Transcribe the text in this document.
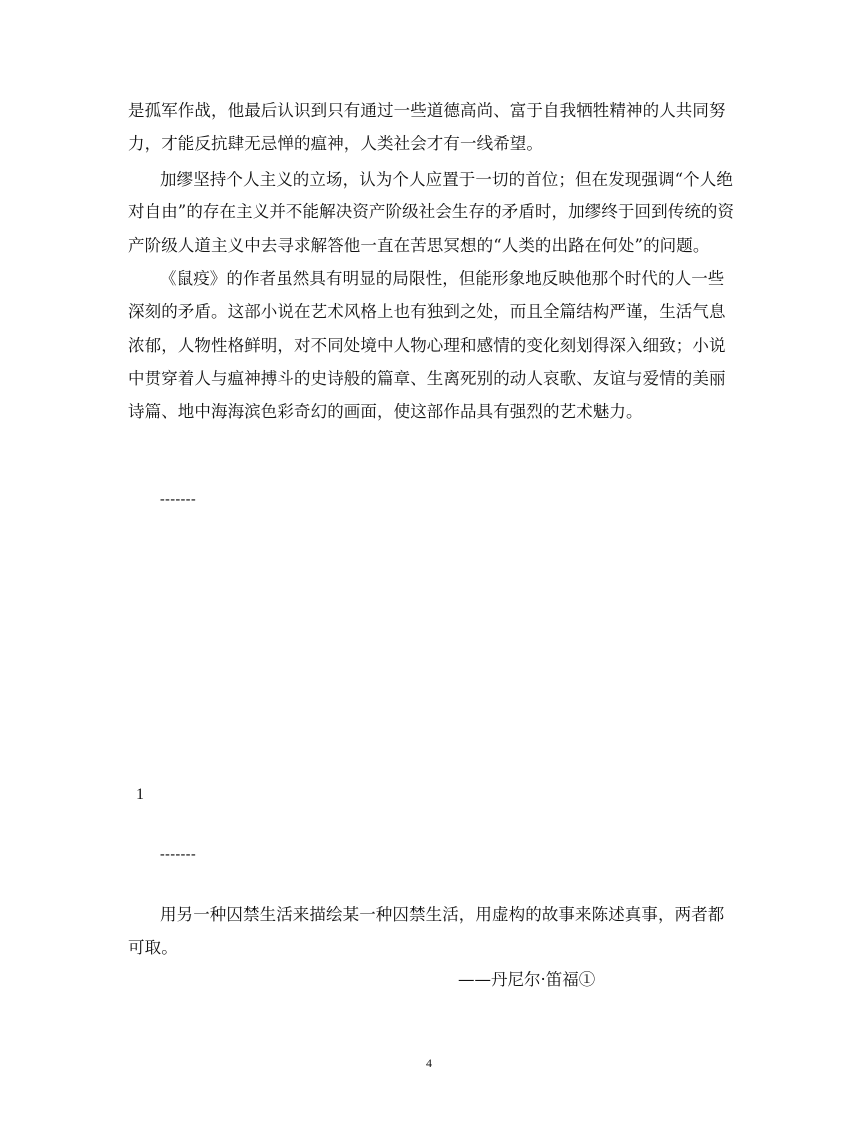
是孤军作战，他最后认识到只有通过一些道德高尚、富于自我牺牲精神的人共同努
力，才能反抗肆无忌惮的瘟神，人类社会才有一线希望。
加缪坚持个人主义的立场，认为个人应置于一切的首位；但在发现强调“个人绝
对自由”的存在主义并不能解决资产阶级社会生存的矛盾时，加缪终于回到传统的资
产阶级人道主义中去寻求解答他一直在苦思冥想的“人类的出路在何处”的问题。
《鼠疫》的作者虽然具有明显的局限性，但能形象地反映他那个时代的人一些
深刻的矛盾。这部小说在艺术风格上也有独到之处，而且全篇结构严谨，生活气息
浓郁，人物性格鲜明，对不同处境中人物心理和感情的变化刻划得深入细致；小说
中贯穿着人与瘟神搏斗的史诗般的篇章、生离死别的动人哀歌、友谊与爱情的美丽
诗篇、地中海海滨色彩奇幻的画面，使这部作品具有强烈的艺术魅力。
-------
1
-------
用另一种囚禁生活来描绘某一种囚禁生活，用虚构的故事来陈述真事，两者都
可取。
——丹尼尔·笛福①
4
